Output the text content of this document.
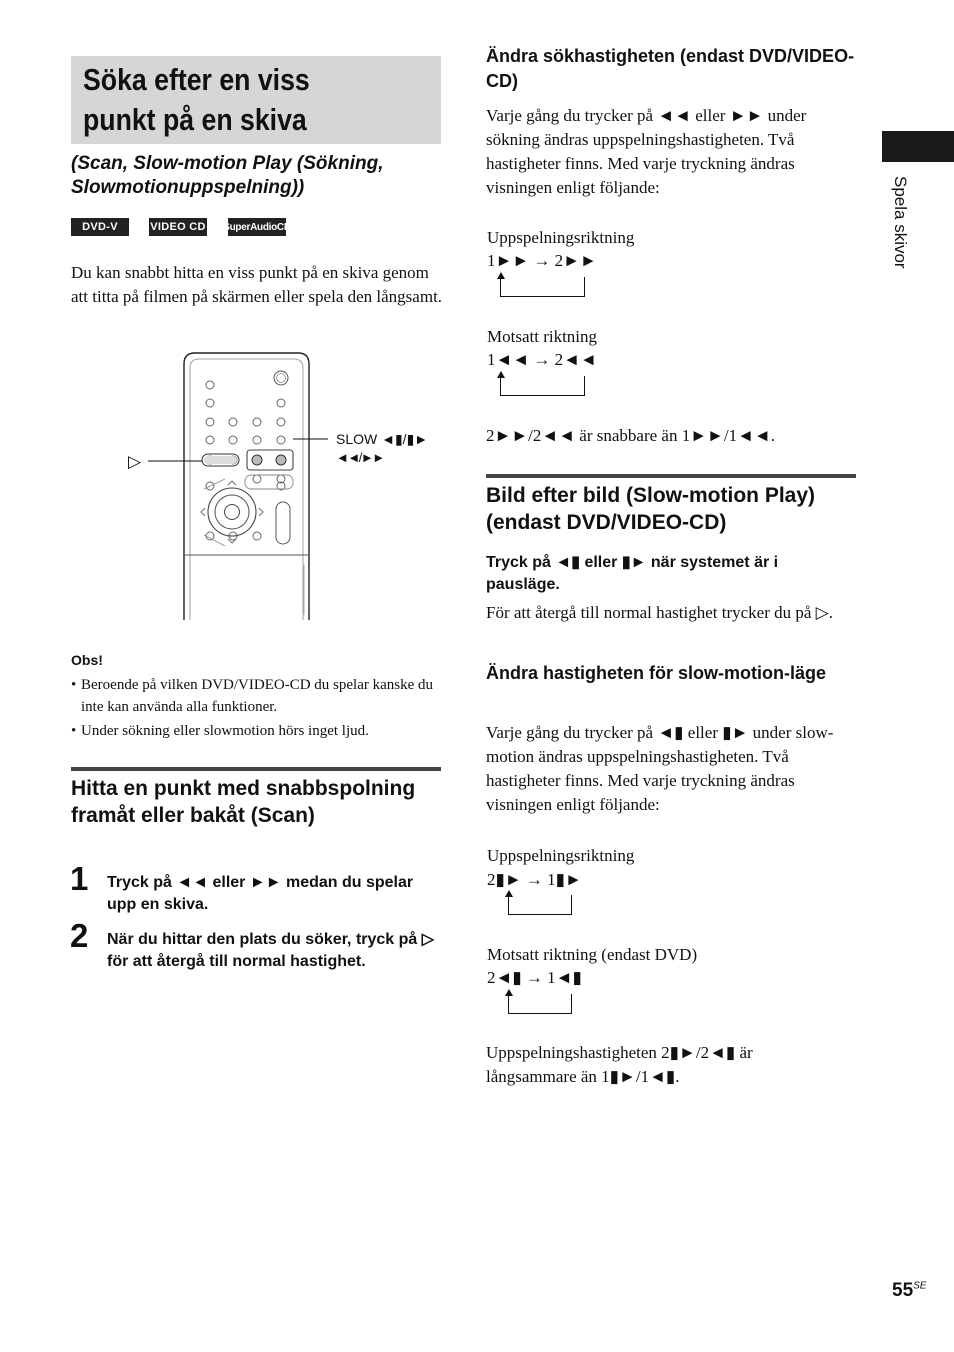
Söka efter en viss punkt på en skiva
(Scan, Slow-motion Play (Sökning, Slowmotionuppspelning))
DVD-V	VIDEO CD SuperAudioCD	Spela skivor
Du kan snabbt hitta en viss punkt på en skiva genom att titta på filmen på skärmen eller spela den långsamt.
▷
SLOW ◄▮/▮►
◄◄/►►
Obs!
• Beroende på vilken DVD/VIDEO-CD du spelar kanske du inte kan använda alla funktioner.
• Under sökning eller slowmotion hörs inget ljud.
Hitta en punkt med snabbspolning framåt eller bakåt (Scan)
1 Tryck på ◄◄ eller ►► medan du spelar upp en skiva.
2 När du hittar den plats du söker, tryck på ▷ för att återgå till normal hastighet.
Ändra sökhastigheten (endast DVD/VIDEO-CD)
Varje gång du trycker på ◄◄ eller ►► under sökning ändras uppspelningshastigheten. Två hastigheter finns. Med varje tryckning ändras visningen enligt följande:
Uppspelningsriktning
1►► → 2►►
Motsatt riktning
1◄◄ → 2◄◄
2►►/2◄◄ är snabbare än 1►►/1◄◄.
Bild efter bild (Slow-motion Play) (endast DVD/VIDEO-CD)
Tryck på ◄▮ eller ▮► när systemet är i pausläge.
För att återgå till normal hastighet trycker du på ▷.
Ändra hastigheten för slow-motion-läge
Varje gång du trycker på ◄▮ eller ▮► under slow-motion ändras uppspelningshastigheten. Två hastigheter finns. Med varje tryckning ändras visningen enligt följande:
Uppspelningsriktning
2▮► → 1▮►
Motsatt riktning (endast DVD)
2◄▮ → 1◄▮
Uppspelningshastigheten 2▮►/2◄▮ är långsammare än 1▮►/1◄▮.
$55^{SE}$
